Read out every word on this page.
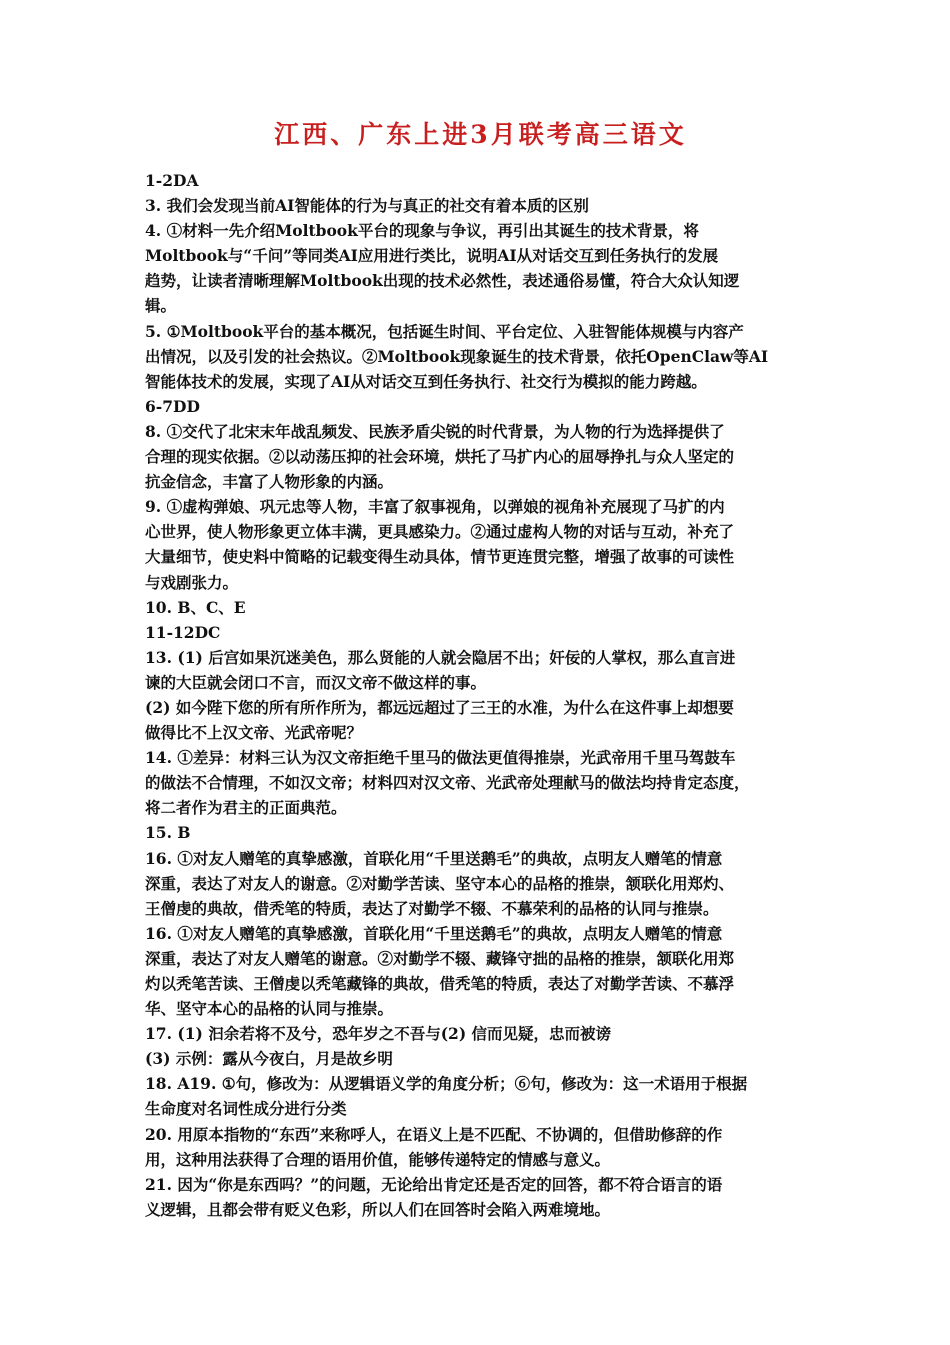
江西、广东上进3月联考高三语文
1-2DA
3. 我们会发现当前AI智能体的行为与真正的社交有着本质的区别
4. ①材料一先介绍Moltbook平台的现象与争议，再引出其诞生的技术背景，将
Moltbook与“千问”等同类AI应用进行类比，说明AI从对话交互到任务执行的发展
趋势，让读者清晰理解Moltbook出现的技术必然性，表述通俗易懂，符合大众认知逻
辑。
5. ①Moltbook平台的基本概况，包括诞生时间、平台定位、入驻智能体规模与内容产
出情况，以及引发的社会热议。②Moltbook现象诞生的技术背景，依托OpenClaw等AI
智能体技术的发展，实现了AI从对话交互到任务执行、社交行为模拟的能力跨越。
6-7DD
8. ①交代了北宋末年战乱频发、民族矛盾尖锐的时代背景，为人物的行为选择提供了
合理的现实依据。②以动荡压抑的社会环境，烘托了马扩内心的屈辱挣扎与众人坚定的
抗金信念，丰富了人物形象的内涵。
9. ①虚构弹娘、巩元忠等人物，丰富了叙事视角，以弹娘的视角补充展现了马扩的内
心世界，使人物形象更立体丰满，更具感染力。②通过虚构人物的对话与互动，补充了
大量细节，使史料中简略的记载变得生动具体，情节更连贯完整，增强了故事的可读性
与戏剧张力。
10. B、C、E
11-12DC
13. (1) 后宫如果沉迷美色，那么贤能的人就会隐居不出；奸佞的人掌权，那么直言进
谏的大臣就会闭口不言，而汉文帝不做这样的事。
(2) 如今陛下您的所有所作所为，都远远超过了三王的水准，为什么在这件事上却想要
做得比不上汉文帝、光武帝呢？
14. ①差异：材料三认为汉文帝拒绝千里马的做法更值得推崇，光武帝用千里马驾鼓车
的做法不合情理，不如汉文帝；材料四对汉文帝、光武帝处理献马的做法均持肯定态度，
将二者作为君主的正面典范。
15. B
16. ①对友人赠笔的真挚感激，首联化用“千里送鹅毛”的典故，点明友人赠笔的情意
深重，表达了对友人的谢意。②对勤学苦读、坚守本心的品格的推崇，颔联化用郑灼、
王僧虔的典故，借秃笔的特质，表达了对勤学不辍、不慕荣利的品格的认同与推崇。
16. ①对友人赠笔的真挚感激，首联化用“千里送鹅毛”的典故，点明友人赠笔的情意
深重，表达了对友人赠笔的谢意。②对勤学不辍、藏锋守拙的品格的推崇，颔联化用郑
灼以秃笔苦读、王僧虔以秃笔藏锋的典故，借秃笔的特质，表达了对勤学苦读、不慕浮
华、坚守本心的品格的认同与推崇。
17. (1) 汩余若将不及兮，恐年岁之不吾与(2) 信而见疑，忠而被谤
(3) 示例：露从今夜白，月是故乡明
18. A19. ①句，修改为：从逻辑语义学的角度分析；⑥句，修改为：这一术语用于根据
生命度对名词性成分进行分类
20. 用原本指物的“东西”来称呼人，在语义上是不匹配、不协调的，但借助修辞的作
用，这种用法获得了合理的语用价值，能够传递特定的情感与意义。
21. 因为“你是东西吗？”的问题，无论给出肯定还是否定的回答，都不符合语言的语
义逻辑，且都会带有贬义色彩，所以人们在回答时会陷入两难境地。
